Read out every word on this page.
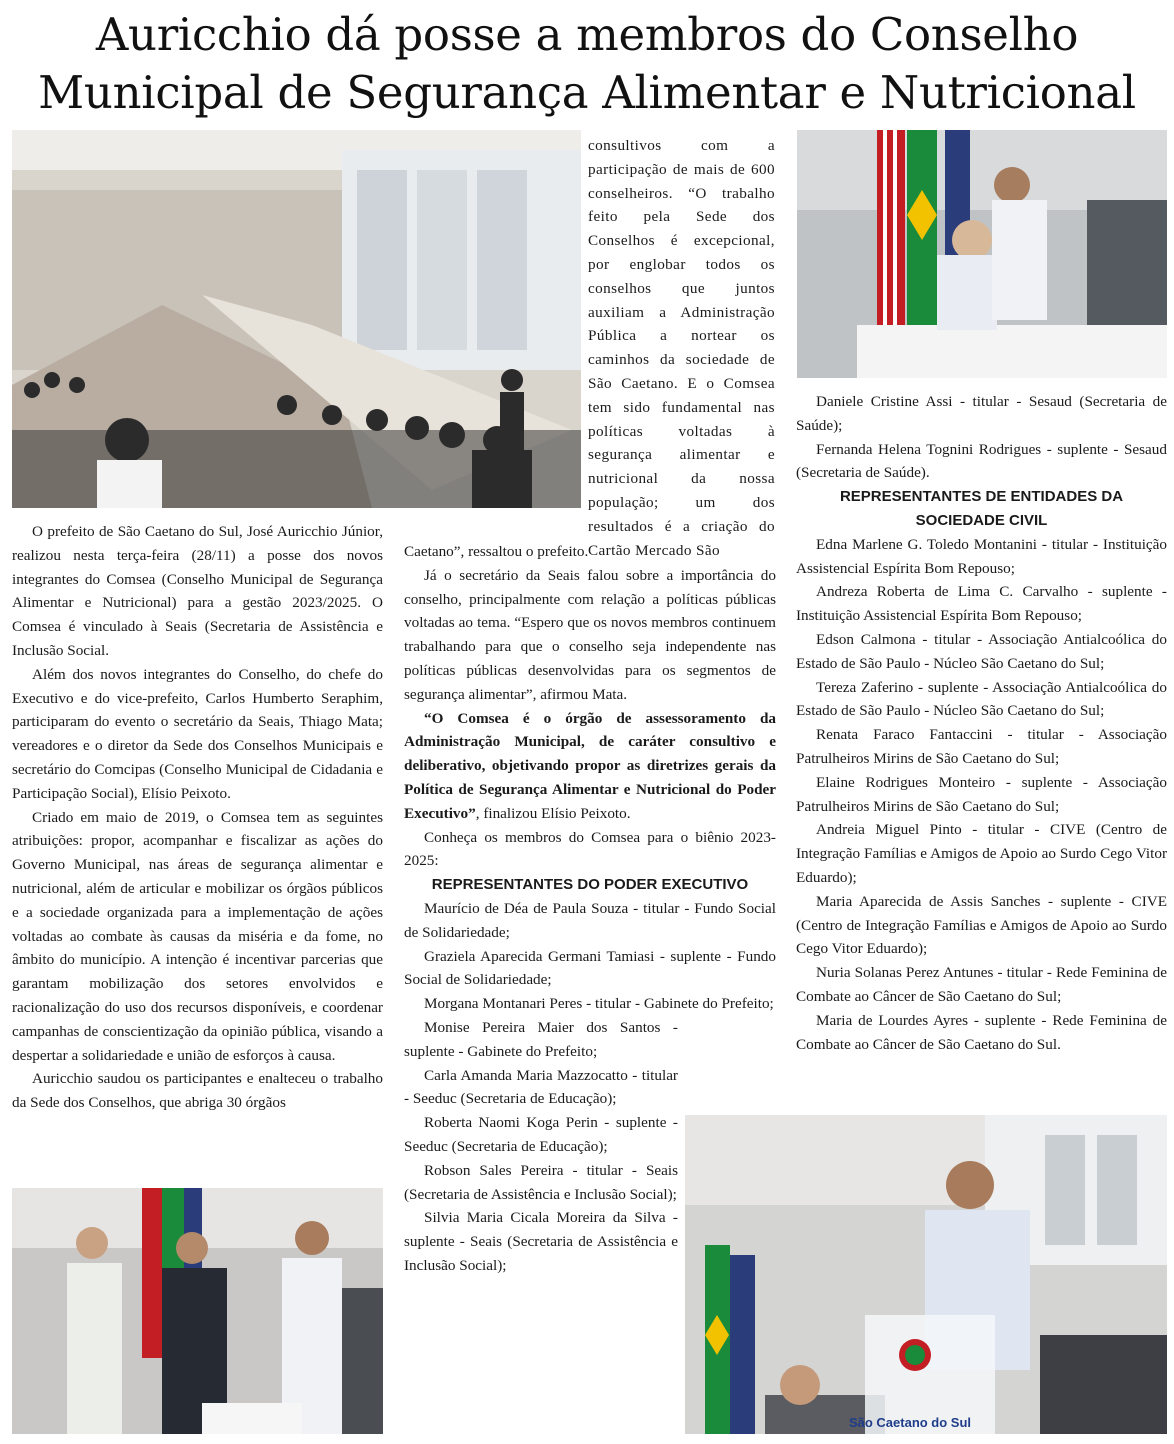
Auricchio dá posse a membros do Conselho
Municipal de Segurança Alimentar e Nutricional
São Caetano do Sul

O prefeito de São Caetano do Sul, José Auricchio Júnior, realizou nesta terça-feira (28/11) a posse dos novos integrantes do Comsea (Conselho Municipal de Segurança Alimentar e Nutricional) para a gestão 2023/2025. O Comsea é vinculado à Seais (Secretaria de Assistência e Inclusão Social.

Além dos novos integrantes do Conselho, do chefe do Executivo e do vice-prefeito, Carlos Humberto Seraphim, participaram do evento o secretário da Seais, Thiago Mata; vereadores e o diretor da Sede dos Conselhos Municipais e secretário do Comcipas (Conselho Municipal de Cidadania e Participação Social), Elísio Peixoto.

Criado em maio de 2019, o Comsea tem as seguintes atribuições: propor, acompanhar e fiscalizar as ações do Governo Municipal, nas áreas de segurança alimentar e nutricional, além de articular e mobilizar os órgãos públicos e a sociedade organizada para a implementação de ações voltadas ao combate às causas da miséria e da fome, no âmbito do município. A intenção é incentivar parcerias que garantam mobilização dos setores envolvidos e racionalização do uso dos recursos disponíveis, e coordenar campanhas de conscientização da opinião pública, visando a despertar a solidariedade e união de esforços à causa.

Auricchio saudou os participantes e enalteceu o trabalho da Sede dos Conselhos, que abriga 30 órgãos

consultivos com a participação de mais de 600 conselheiros. “O trabalho feito pela Sede dos Conselhos é excepcional, por englobar todos os conselhos que juntos auxiliam a Administração Pública a nortear os caminhos da sociedade de São Caetano. E o Comsea tem sido fundamental nas políticas voltadas à segurança alimentar e nutricional da nossa população; um dos resultados é a criação do Cartão Mercado São

Caetano”, ressaltou o prefeito.

Já o secretário da Seais falou sobre a importância do conselho, principalmente com relação a políticas públicas voltadas ao tema. “Espero que os novos membros continuem trabalhando para que o conselho seja independente nas políticas públicas desenvolvidas para os segmentos de segurança alimentar”, afirmou Mata.

“O Comsea é o órgão de assessoramento da Administração Municipal, de caráter consultivo e deliberativo, objetivando propor as diretrizes gerais da Política de Segurança Alimentar e Nutricional do Poder Executivo”, finalizou Elísio Peixoto.

Conheça os membros do Comsea para o biênio 2023-2025:

REPRESENTANTES DO PODER EXECUTIVO

Maurício de Déa de Paula Souza - titular - Fundo Social de Solidariedade;

Graziela Aparecida Germani Tamiasi - suplente - Fundo Social de Solidariedade;

Morgana Montanari Peres - titular - Gabinete do Prefeito;

Monise Pereira Maier dos Santos - suplente - Gabinete do Prefeito;

Carla Amanda Maria Mazzocatto - titular - Seeduc (Secretaria de Educação);

Roberta Naomi Koga Perin - suplente - Seeduc (Secretaria de Educação);

Robson Sales Pereira - titular - Seais (Secretaria de Assistência e Inclusão Social);

Silvia Maria Cicala Moreira da Silva - suplente - Seais (Secretaria de Assistência e Inclusão Social);

Daniele Cristine Assi - titular - Sesaud (Secretaria de Saúde);

Fernanda Helena Tognini Rodrigues - suplente - Sesaud (Secretaria de Saúde).

REPRESENTANTES DE ENTIDADES DA SOCIEDADE CIVIL

Edna Marlene G. Toledo Montanini - titular - Instituição Assistencial Espírita Bom Repouso;

Andreza Roberta de Lima C. Carvalho - suplente - Instituição Assistencial Espírita Bom Repouso;

Edson Calmona - titular - Associação Antialcoólica do Estado de São Paulo - Núcleo São Caetano do Sul;

Tereza Zaferino - suplente - Associação Antialcoólica do Estado de São Paulo - Núcleo São Caetano do Sul;

Renata Faraco Fantaccini - titular - Associação Patrulheiros Mirins de São Caetano do Sul;

Elaine Rodrigues Monteiro - suplente - Associação Patrulheiros Mirins de São Caetano do Sul;

Andreia Miguel Pinto - titular - CIVE (Centro de Integração Famílias e Amigos de Apoio ao Surdo Cego Vitor Eduardo);

Maria Aparecida de Assis Sanches - suplente - CIVE (Centro de Integração Famílias e Amigos de Apoio ao Surdo Cego Vitor Eduardo);

Nuria Solanas Perez Antunes - titular - Rede Feminina de Combate ao Câncer de São Caetano do Sul;

Maria de Lourdes Ayres - suplente - Rede Feminina de Combate ao Câncer de São Caetano do Sul.
